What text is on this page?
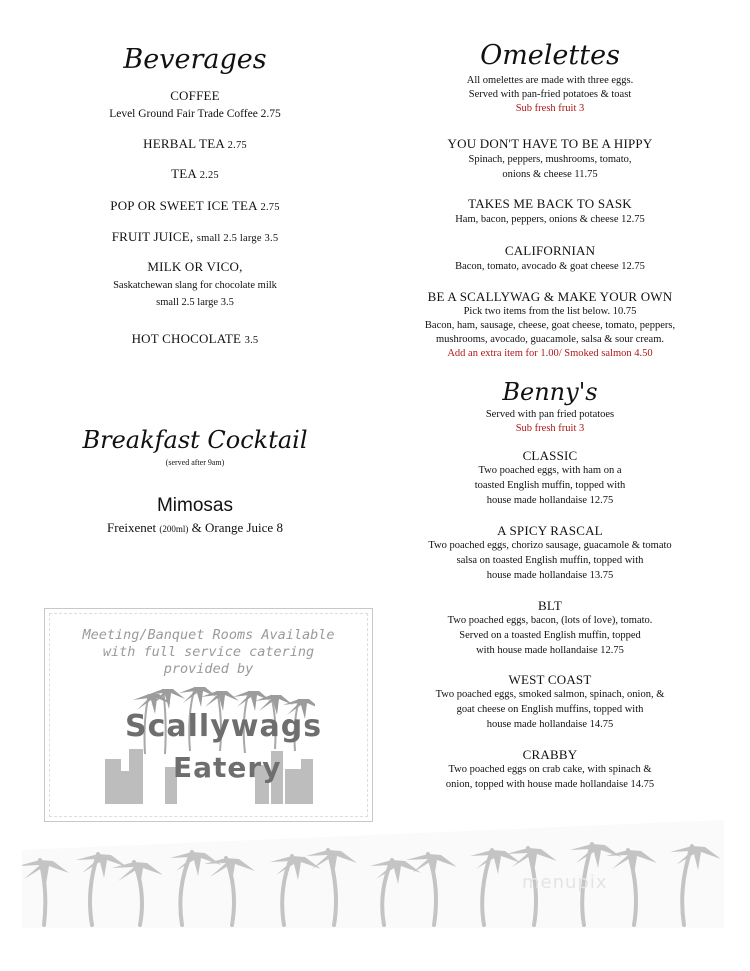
Beverages
COFFEE
Level Ground Fair Trade Coffee 2.75
HERBAL TEA 2.75
TEA 2.25
POP OR SWEET ICE TEA 2.75
FRUIT JUICE, small 2.5 large 3.5
MILK OR VICO,
Saskatchewan slang for chocolate milk
small 2.5 large 3.5
HOT CHOCOLATE 3.5
Breakfast Cocktail
(served after 9am)
Mimosas
Freixenet (200ml) & Orange Juice 8
Meeting/Banquet Rooms Available
with full service catering
provided by
Scallywags
Eatery
Omelettes
All omelettes are made with three eggs.
Served with pan-fried potatoes & toast
Sub fresh fruit 3
YOU DON'T HAVE TO BE A HIPPY
Spinach, peppers, mushrooms, tomato,
onions & cheese 11.75
TAKES ME BACK TO SASK
Ham, bacon, peppers, onions & cheese 12.75
CALIFORNIAN
Bacon, tomato, avocado & goat cheese 12.75
BE A SCALLYWAG & MAKE YOUR OWN
Pick two items from the list below. 10.75
Bacon, ham, sausage, cheese, goat cheese, tomato, peppers,
mushrooms, avocado, guacamole, salsa & sour cream.
Add an extra item for 1.00/ Smoked salmon 4.50
Benny's
Served with pan fried potatoes
Sub fresh fruit 3
CLASSIC
Two poached eggs, with ham on a
toasted English muffin, topped with
house made hollandaise 12.75
A SPICY RASCAL
Two poached eggs, chorizo sausage, guacamole & tomato
salsa on toasted English muffin, topped with
house made hollandaise 13.75
BLT
Two poached eggs, bacon, (lots of love), tomato.
Served on a toasted English muffin, topped
with house made hollandaise 12.75
WEST COAST
Two poached eggs, smoked salmon, spinach, onion, &
goat cheese on English muffins, topped with
house made hollandaise 14.75
CRABBY
Two poached eggs on crab cake, with spinach &
onion, topped with house made hollandaise 14.75
menupix
